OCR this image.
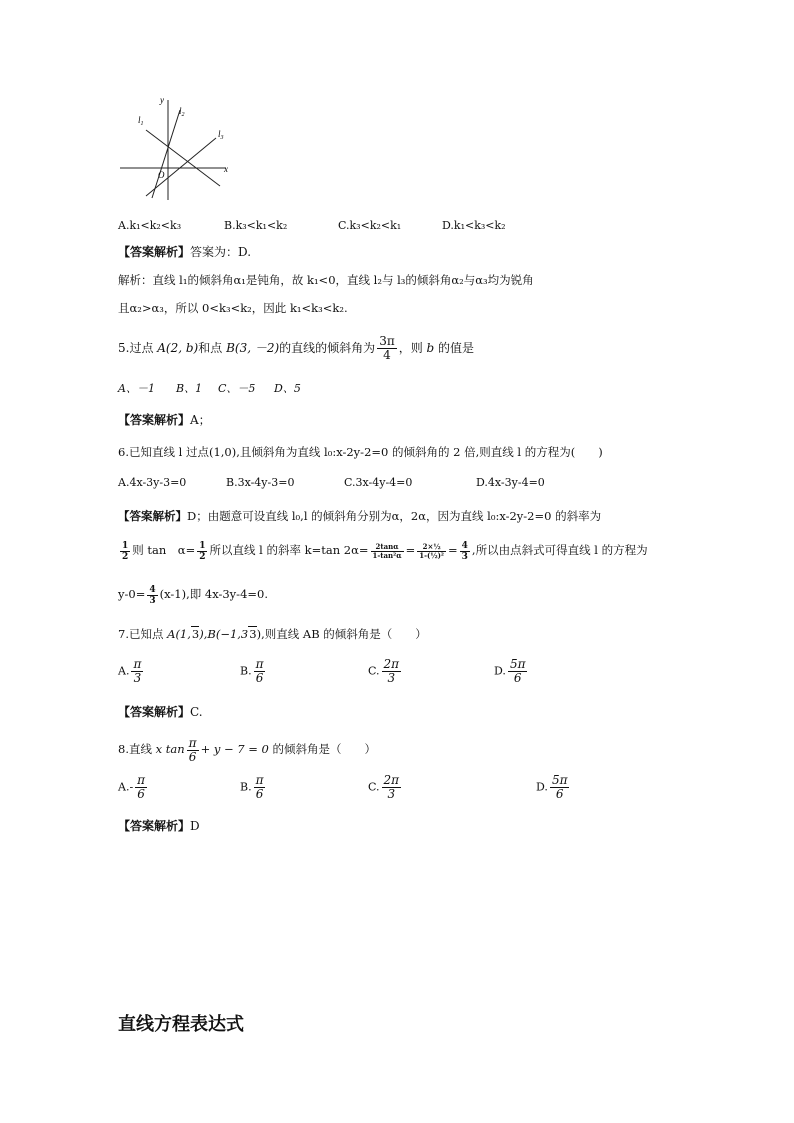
y
x
O
$l_1$
$l_2$
$l_3$
A.k₁<k₂<k₃	B.k₃<k₁<k₂	C.k₃<k₂<k₁	D.k₁<k₃<k₂
【答案解析】答案为：D.
解析：直线 l₁的倾斜角α₁是钝角，故 k₁<0，直线 l₂与 l₃的倾斜角α₂与α₃均为锐角
且α₂>α₃，所以 0<k₃<k₂，因此 k₁<k₃<k₂.
5.过点 A(2, b)和点 B(3, －2)的直线的倾斜角为 $\frac{3\pi}{4}$ ，则 b 的值是
A、－1 B、1 C、－5 D、5
【答案解析】A；
6.已知直线 l 过点(1,0),且倾斜角为直线 l₀:x-2y-2=0 的倾斜角的 2 倍,则直线 l 的方程为(　　)
A.4x-3y-3=0	B.3x-4y-3=0	C.3x-4y-4=0	D.4x-3y-4=0
【答案解析】D；由题意可设直线 l₀,l 的倾斜角分别为α，2α，因为直线 l₀:x-2y-2=0 的斜率为
$\frac{1}{2}$ 则 tan　$\alpha= \frac{1}{2}$ 所以直线 l 的斜率 k=tan $2\alpha= \frac{2\tan\alpha}{\text{1-tan²α}} = \frac{\text{2×½}}{\text{1-(½)²}} = \frac{4}{3}$ ,所以由点斜式可得直线 l 的方程为
$y-0= \frac{4}{3} (x-1)$,即 4x-3y-4=0.
7.已知点 A(1,3),B(−1,33),则直线 AB 的倾斜角是（　　）
A. $\frac{\pi}{3}$	B. $\frac{\pi}{6}$	C. $\frac{2\pi}{3}$	D. $\frac{5\pi}{6}$
【答案解析】C.
8.直线 x $\tan \frac{\pi}{6} + y - 7 = 0$ 的倾斜角是（　　）
$A.- \frac{\pi}{6}$	B. $\frac{\pi}{6}$	C. $\frac{2\pi}{3}$	D. $\frac{5\pi}{6}$
【答案解析】D
直线方程表达式
